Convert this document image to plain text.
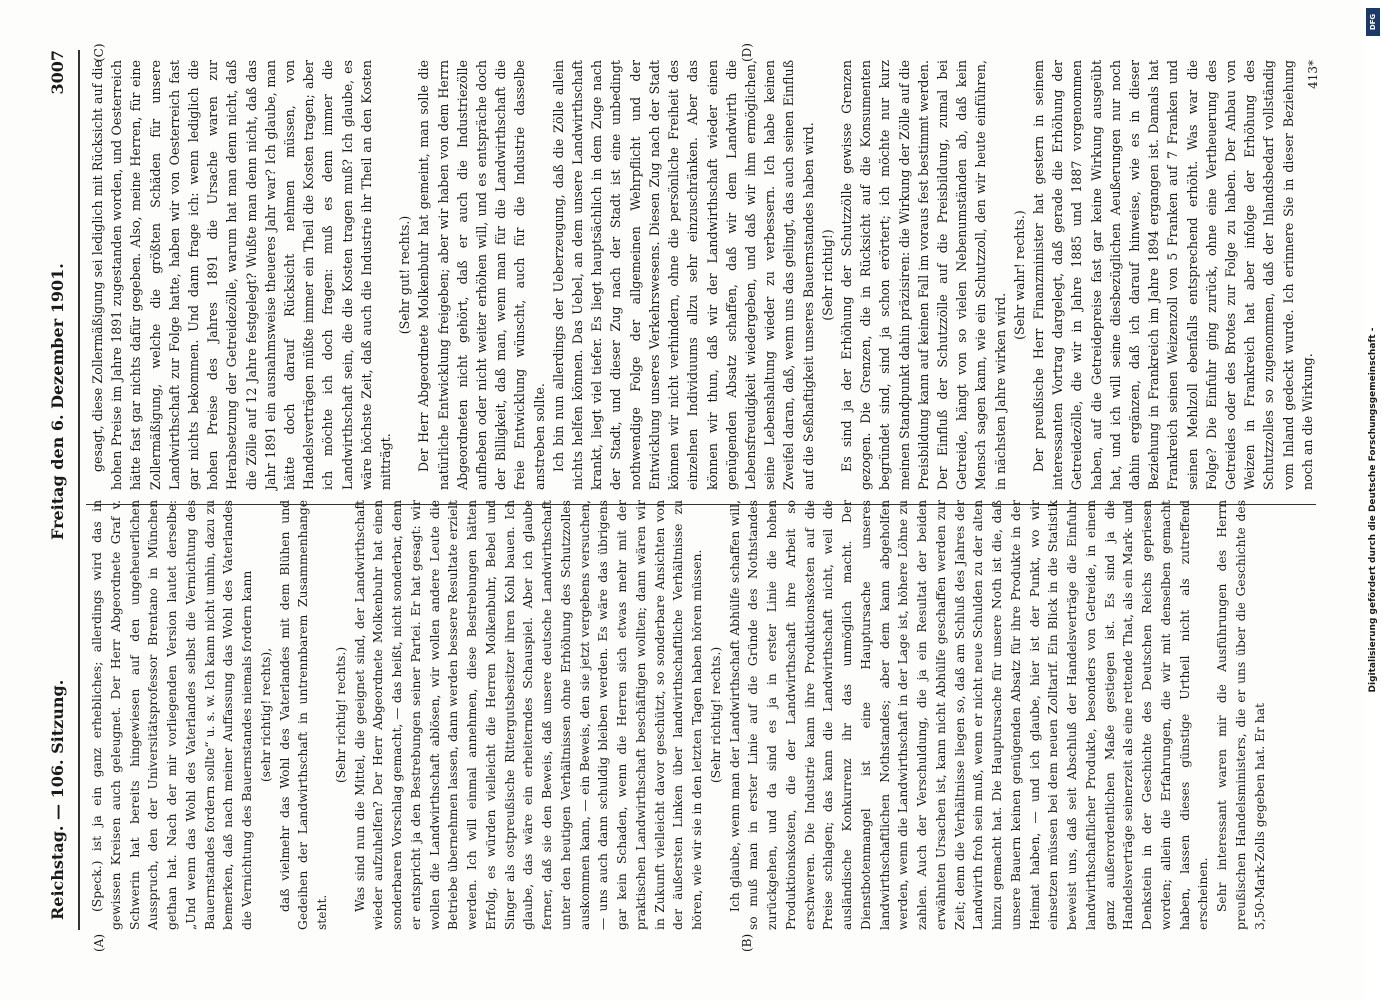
Reichstag. — 106. Sitzung.
Freitag den 6. Dezember 1901.
3007
(A)	(B)
(C)	(D)

(Speck.) ist ja ein ganz erhebliches; allerdings wird das in gewissen Kreisen auch geleugnet. Der Herr Abgeordnete Graf v. Schwerin hat bereits hingewiesen auf den ungeheuerlichen Ausspruch, den der Universitätsprofessor Brentano in München gethan hat. Nach der mir vorliegenden Version lautet derselbe: „Und wenn das Wohl des Vaterlandes selbst die Vernichtung des Bauernstandes fordern sollte“ u. s. w. Ich kann nicht umhin, dazu zu bemerken, daß nach meiner Auffassung das Wohl des Vaterlandes die Vernichtung des Bauernstandes niemals fordern kann (sehr richtig! rechts), daß vielmehr das Wohl des Vaterlandes mit dem Blühen und Gedeihen der Landwirthschaft in untrennbarem Zusammenhange steht.

(Sehr richtig! rechts.) Was sind nun die Mittel, die geeignet sind, der Landwirthschaft wieder aufzuhelfen? Der Herr Abgeordnete Molkenbuhr hat einen sonderbaren Vorschlag gemacht, — das heißt, nicht sonderbar, denn er entspricht ja den Bestrebungen seiner Partei. Er hat gesagt: wir wollen die Landwirthschaft ablösen, wir wollen andere Leute die Betriebe übernehmen lassen, dann werden bessere Resultate erzielt werden. Ich will einmal annehmen, diese Bestrebungen hätten Erfolg, es würden vielleicht die Herren Molkenbuhr, Bebel und Singer als ostpreußische Rittergutsbesitzer ihren Kohl bauen. Ich glaube, das wäre ein erheiterndes Schauspiel. Aber ich glaube ferner, daß sie den Beweis, daß unsere deutsche Landwirthschaft unter den heutigen Verhältnissen ohne Erhöhung des Schutzzolles auskommen kann, — ein Beweis, den sie jetzt vergebens versuchen, — uns auch dann schuldig bleiben werden. Es wäre das übrigens gar kein Schaden, wenn die Herren sich etwas mehr mit der praktischen Landwirthschaft beschäftigen wollten; dann wären wir in Zukunft vielleicht davor geschützt, so sonderbare Ansichten von der äußersten Linken über landwirthschaftliche Verhältnisse zu hören, wie wir sie in den letzten Tagen haben hören müssen. (Sehr richtig! rechts.) Ich glaube, wenn man der Landwirthschaft Abhülfe schaffen will, so muß man in erster Linie auf die Gründe des Nothstandes zurückgehen, und da sind es ja in erster Linie die hohen Produktionskosten, die der Landwirthschaft ihre Arbeit so erschweren. Die Industrie kann ihre Produktionskosten auf die Preise schlagen; das kann die Landwirthschaft nicht, weil die ausländische Konkurrenz ihr das unmöglich macht. Der Dienstbotenmangel ist eine Hauptursache unseres landwirthschaftlichen Nothstandes; aber dem kann abgeholfen werden, wenn die Landwirthschaft in der Lage ist, höhere Löhne zu zahlen. Auch der Verschuldung, die ja ein Resultat der beiden erwähnten Ursachen ist, kann nicht Abhülfe geschaffen werden zur Zeit; denn die Verhältnisse liegen so, daß am Schluß des Jahres der Landwirth froh sein muß, wenn er nicht neue Schulden zu der alten hinzu gemacht hat. Die Hauptursache für unsere Noth ist die, daß unsere Bauern keinen genügenden Absatz für ihre Produkte in der Heimat haben, — und ich glaube, hier ist der Punkt, wo wir einsetzen müssen bei dem neuen Zolltarif. Ein Blick in die Statistik beweist uns, daß seit Abschluß der Handelsverträge die Einfuhr landwirthschaftlicher Produkte, besonders von Getreide, in einem ganz außerordentlichen Maße gestiegen ist. Es sind ja die Handelsverträge seinerzeit als eine rettende That, als ein Mark- und Denkstein in der Geschichte des Deutschen Reichs gepriesen worden; allein die Erfahrungen, die wir mit denselben gemacht haben, lassen dieses günstige Urtheil nicht als zutreffend erscheinen. Sehr interessant waren mir die Ausführungen des Herrn preußischen Handelsministers, die er uns über die Geschichte des 3,50-Mark-Zolls gegeben hat. Er hat

gesagt, diese Zollermäßigung sei lediglich mit Rücksicht auf die hohen Preise im Jahre 1891 zugestanden worden, und Oesterreich hätte fast gar nichts dafür gegeben. Also, meine Herren, für eine Zollermäßigung, welche die größten Schäden für unsere Landwirthschaft zur Folge hatte, haben wir von Oesterreich fast gar nichts bekommen. Und dann frage ich: wenn lediglich die hohen Preise des Jahres 1891 die Ursache waren zur Herabsetzung der Getreidezölle, warum hat man denn nicht, daß die Zölle auf 12 Jahre festgelegt? Wußte man denn nicht, daß das Jahr 1891 ein ausnahmsweise theueres Jahr war? Ich glaube, man hätte doch darauf Rücksicht nehmen müssen, von Handelsverträgen müßte immer ein Theil die Kosten tragen; aber ich möchte ich doch fragen: muß es denn immer die Landwirthschaft sein, die die Kosten tragen muß? Ich glaube, es wäre höchste Zeit, daß auch die Industrie ihr Theil an den Kosten mitträgt.

(Sehr gut! rechts.) Der Herr Abgeordnete Molkenbuhr hat gemeint, man solle die natürliche Entwicklung freigeben; aber wir haben von dem Herrn Abgeordneten nicht gehört, daß er auch die Industriezölle aufheben oder nicht weiter erhöhen will, und es entspräche doch der Billigkeit, daß man, wenn man für die Landwirthschaft die freie Entwicklung wünscht, auch für die Industrie dasselbe anstreben sollte. Ich bin nun allerdings der Ueberzeugung, daß die Zölle allein nichts helfen können. Das Uebel, an dem unsere Landwirthschaft krankt, liegt viel tiefer. Es liegt hauptsächlich in dem Zuge nach der Stadt, und dieser Zug nach der Stadt ist eine unbedingt nothwendige Folge der allgemeinen Wehrpflicht und der Entwicklung unseres Verkehrswesens. Diesen Zug nach der Stadt können wir nicht verhindern, ohne die persönliche Freiheit des einzelnen Individuums allzu sehr einzuschränken. Aber das können wir thun, daß wir der Landwirthschaft wieder einen genügenden Absatz schaffen, daß wir dem Landwirth die Lebensfreudigkeit wiedergeben, und daß wir ihm ermöglichen, seine Lebenshaltung wieder zu verbessern. Ich habe keinen Zweifel daran, daß, wenn uns das gelingt, das auch seinen Einfluß auf die Seßhaftigkeit unseres Bauernstandes haben wird. (Sehr richtig!) Es sind ja der Erhöhung der Schutzzölle gewisse Grenzen gezogen. Die Grenzen, die in Rücksicht auf die Konsumenten begründet sind, sind ja schon erörtert; ich möchte nur kurz meinen Standpunkt dahin präzisiren: die Wirkung der Zölle auf die Preisbildung kann auf keinen Fall im voraus fest bestimmt werden. Der Einfluß der Schutzzölle auf die Preisbildung, zumal bei Getreide, hängt von so vielen Nebenumständen ab, daß kein Mensch sagen kann, wie ein Schutzzoll, den wir heute einführen, in nächsten Jahre wirken wird.

(Sehr wahr! rechts.) Der preußische Herr Finanzminister hat gestern in seinem interessanten Vortrag dargelegt, daß gerade die Erhöhung der Getreidezölle, die wir in Jahre 1885 und 1887 vorgenommen haben, auf die Getreidepreise fast gar keine Wirkung ausgeübt hat, und ich will seine diesbezüglichen Aeußerungen nur noch dahin ergänzen, daß ich darauf hinweise, wie es in dieser Beziehung in Frankreich im Jahre 1894 ergangen ist. Damals hat Frankreich seinen Weizenzoll von 5 Franken auf 7 Franken und seinen Mehlzoll ebenfalls entsprechend erhöht. Was war die Folge? Die Einfuhr ging zurück, ohne eine Vertheuerung des Getreides oder des Brotes zur Folge zu haben. Der Anbau von Weizen in Frankreich hat aber infolge der Erhöhung des Schutzzolles so zugenommen, daß der Inlandsbedarf vollständig vom Inland gedeckt wurde. Ich erinnere Sie in dieser Beziehung noch an die Wirkung.

413*
DFG
Digitalisierung gefördert durch die Deutsche Forschungsgemeinschaft -
